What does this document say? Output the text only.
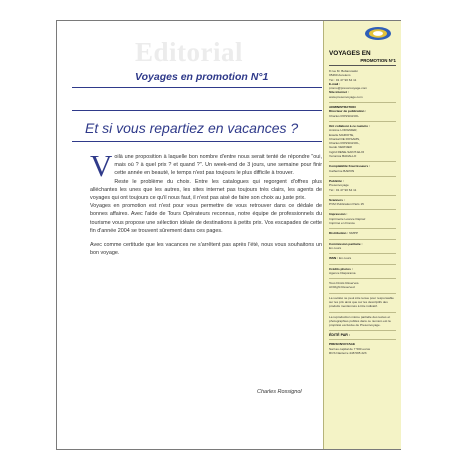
Editorial
Voyages en promotion N°1
Et si vous repartiez en vacances ?

Voilà une proposition à laquelle bon nombre d'entre nous serait tenté de répondre "oui, mais où ? à quel prix ? et quand ?". Un week-end de 3 jours, une semaine pour finir cette année en beauté, le temps n'est pas toujours le plus difficile à trouver.

Reste le problème du choix. Entre les catalogues qui regorgent d'offres plus alléchantes les unes que les autres, les sites internet pas toujours très clairs, les agents de voyages qui ont toujours ce qu'il nous faut, il n'est pas aisé de faire son choix au juste prix.

Voyages en promotion est n'est pour vous permettre de vous retrouver dans ce dédale de bonnes affaires. Avec l'aide de Tours Opérateurs reconnus, notre équipe de professionnels du tourisme vous propose une sélection idéale de destinations à petits prix. Vos escapades de cette fin d'année 2004 se trouvent sûrement dans ces pages.

Avec comme certitude que les vacances ne s'arrêtent pas après l'été, nous vous souhaitons un bon voyage.

Charles Rossignol
VOYAGES EN
PROMOTION N°1
8 rue M. Boltanowski
95460 Aurelens
Tél : 01 47 90 64 11
E-mail :
promo@presonvoyage.com
Site internet :
www.presonvoyage.com
ADMINISTRATION
Directeur de publication :
Charles ROSSIGNOL
Ont collaboré à ce numéro :
Antoine LORGNIER,
Estelle MARIOTE,
Chantal DE ROSAMS,
Charles ROSSIGNOL,
Guido VERNIER
Ingrid RENE-SAINT-ELOI
Véronica BADALLO
Comptabilité Fournisseurs :
Catherine BARON
Publicité :
Presonvoyage
Tél : 01 47 90 64 11
Scanners :
PVM Publication Paris 15
Impression :
Imprimerie Léonce Dépraz
Imprimé en France
Distribution : NMPP
Commission paritaire :
En cours
ISSN : En cours
Crédits photos :
Agence Diaporama
Tous Droits Réservés.
All Right Reserved
La société ne peut être tenue pour responsable sur les prix ainsi que sur les descriptifs des produits mentionnés à titre indicatif.
La reproduction même partielle des textes et photographies publiés dans ce numéro est la propriété exclusive de Presonvoyage.
ÉDITÉ PAR :
PRESONVOYAGE
Sarl au capital de 7 500 euros
RCS Nanterre 448 595 223
